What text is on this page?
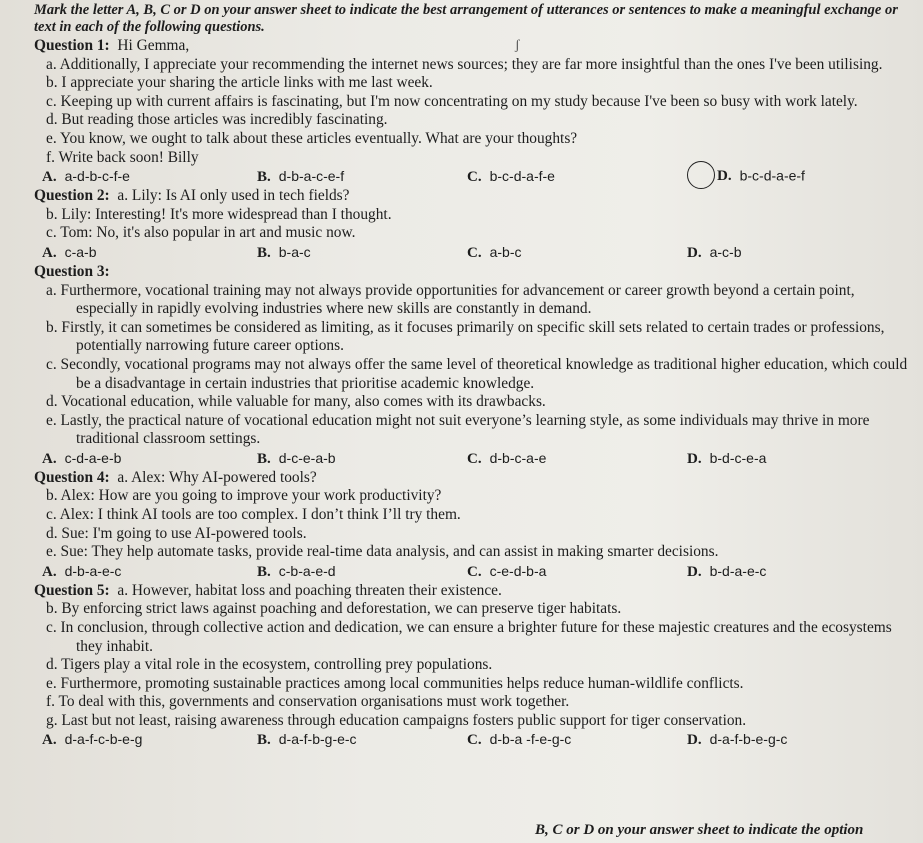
Mark the letter A, B, C or D on your answer sheet to indicate the best arrangement of utterances or sentences to make a meaningful exchange or text in each of the following questions.
Question 1: Hi Gemma,
a. Additionally, I appreciate your recommending the internet news sources; they are far more insightful than the ones I've been utilising.
b. I appreciate your sharing the article links with me last week.
c. Keeping up with current affairs is fascinating, but I'm now concentrating on my study because I've been so busy with work lately.
d. But reading those articles was incredibly fascinating.
e. You know, we ought to talk about these articles eventually. What are your thoughts?
f. Write back soon! Billy
A. a-d-b-c-f-e	B. d-b-a-c-e-f	C. b-c-d-a-f-e	D. b-c-d-a-e-f
Question 2: a. Lily: Is AI only used in tech fields?
b. Lily: Interesting! It's more widespread than I thought.
c. Tom: No, it's also popular in art and music now.
A. c-a-b	B. b-a-c	C. a-b-c	D. a-c-b
Question 3:
a. Furthermore, vocational training may not always provide opportunities for advancement or career growth beyond a certain point, especially in rapidly evolving industries where new skills are constantly in demand.
b. Firstly, it can sometimes be considered as limiting, as it focuses primarily on specific skill sets related to certain trades or professions, potentially narrowing future career options.
c. Secondly, vocational programs may not always offer the same level of theoretical knowledge as traditional higher education, which could be a disadvantage in certain industries that prioritise academic knowledge.
d. Vocational education, while valuable for many, also comes with its drawbacks.
e. Lastly, the practical nature of vocational education might not suit everyone’s learning style, as some individuals may thrive in more traditional classroom settings.
A. c-d-a-e-b	B. d-c-e-a-b	C. d-b-c-a-e	D. b-d-c-e-a
Question 4: a. Alex: Why AI-powered tools?
b. Alex: How are you going to improve your work productivity?
c. Alex: I think AI tools are too complex. I don’t think I’ll try them.
d. Sue: I'm going to use AI-powered tools.
e. Sue: They help automate tasks, provide real-time data analysis, and can assist in making smarter decisions.
A. d-b-a-e-c	B. c-b-a-e-d	C. c-e-d-b-a	D. b-d-a-e-c
Question 5: a. However, habitat loss and poaching threaten their existence.
b. By enforcing strict laws against poaching and deforestation, we can preserve tiger habitats.
c. In conclusion, through collective action and dedication, we can ensure a brighter future for these majestic creatures and the ecosystems they inhabit.
d. Tigers play a vital role in the ecosystem, controlling prey populations.
e. Furthermore, promoting sustainable practices among local communities helps reduce human-wildlife conflicts.
f. To deal with this, governments and conservation organisations must work together.
g. Last but not least, raising awareness through education campaigns fosters public support for tiger conservation.
A. d-a-f-c-b-e-g	B. d-a-f-b-g-e-c	C. d-b-a -f-e-g-c	D. d-a-f-b-e-g-c
ʃ
B, C or D on your answer sheet to indicate the option
